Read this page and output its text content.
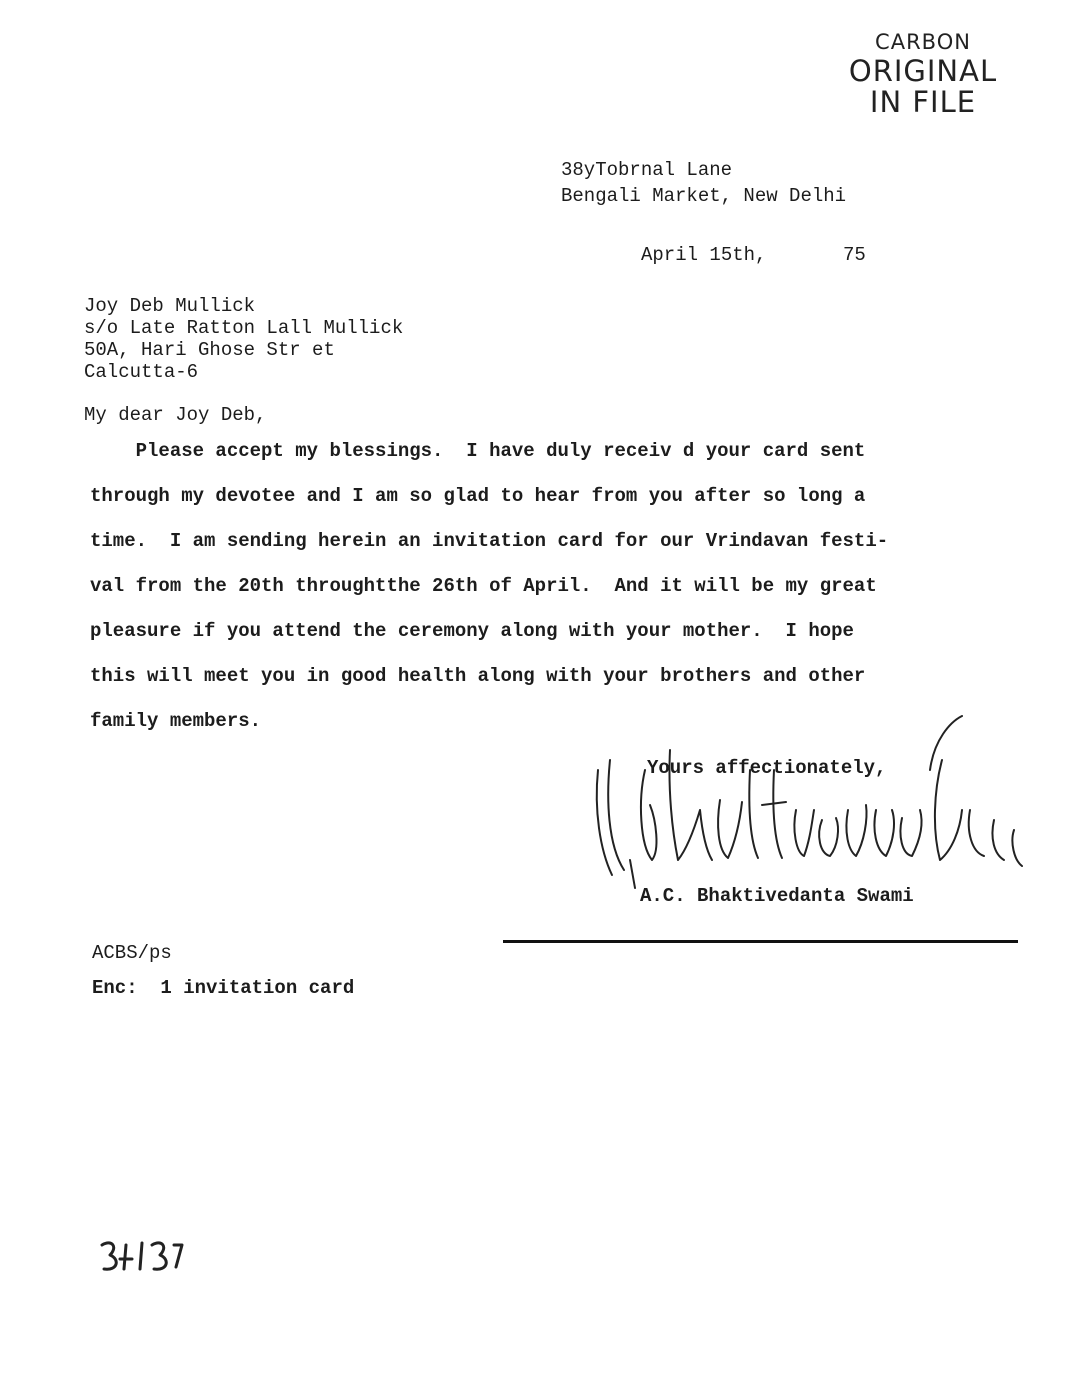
CARBON
ORIGINAL
IN FILE
38yTobrnal Lane
Bengali Market, New Delhi
April 15th,	75
Joy Deb Mullick
s/o Late Ratton Lall Mullick
50A, Hari Ghose Str et
Calcutta-6
My dear Joy Deb,
Please accept my blessings.  I have duly receiv d your card sent
through my devotee and I am so glad to hear from you after so long a
time.  I am sending herein an invitation card for our Vrindavan festi-
val from the 20th throughtthe 26th of April.  And it will be my great
pleasure if you attend the ceremony along with your mother.  I hope
this will meet you in good health along with your brothers and other
family members.
Yours affectionately,
A.C. Bhaktivedanta Swami
ACBS/ps
Enc:  1 invitation card
